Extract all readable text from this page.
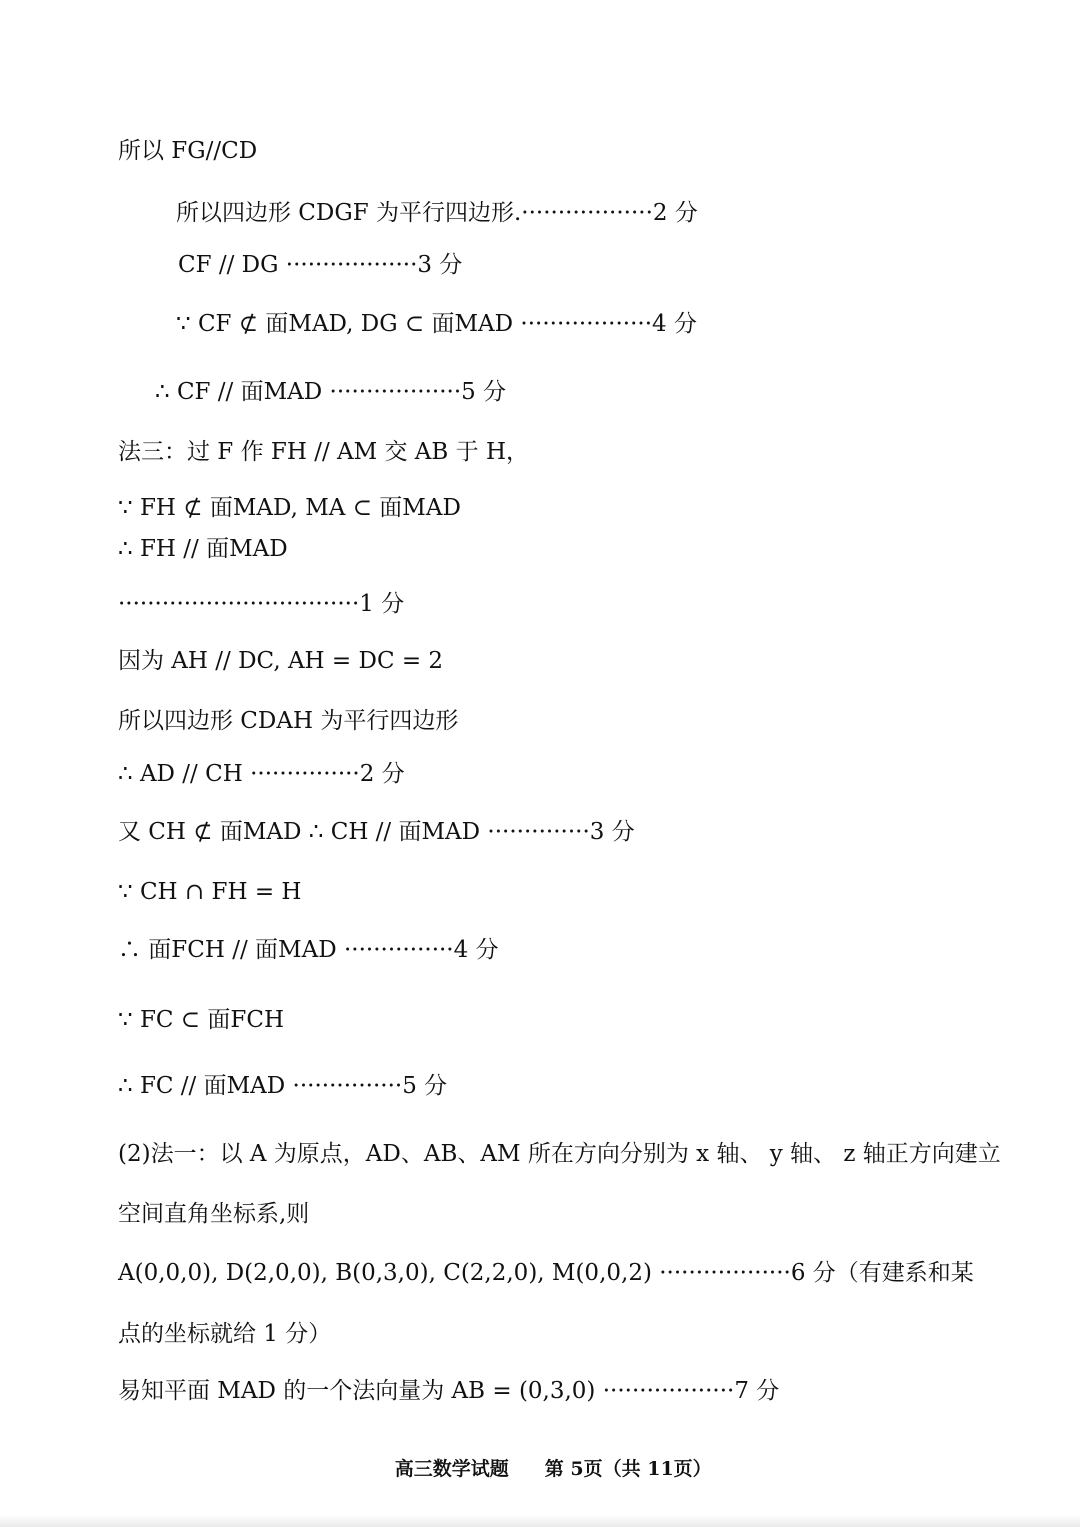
所以 FG//CD
所以四边形 CDGF 为平行四边形.··················2 分
CF // DG ··················3 分
∵ CF ⊄ 面MAD, DG ⊂ 面MAD ··················4 分
∴ CF // 面MAD ··················5 分
法三：过 F 作 FH // AM 交 AB 于 H，
∵ FH ⊄ 面MAD, MA ⊂ 面MAD
∴ FH // 面MAD
·································1 分
因为 AH // DC, AH = DC = 2
所以四边形 CDAH 为平行四边形
∴ AD // CH ···············2 分
又 CH ⊄ 面MAD ∴ CH // 面MAD ··············3 分
∵ CH ∩ FH = H
∴ 面FCH // 面MAD ···············4 分
∵ FC ⊂ 面FCH
∴ FC // 面MAD ···············5 分
(2)法一：以 A 为原点，AD、AB、AM 所在方向分别为 x 轴、 y 轴、 z 轴正方向建立
空间直角坐标系,则
A(0,0,0), D(2,0,0), B(0,3,0), C(2,2,0), M(0,0,2) ··················6 分（有建系和某
点的坐标就给 1 分）
易知平面 MAD 的一个法向量为 AB = (0,3,0) ··················7 分

高三数学试题 第 5页（共 11页）
